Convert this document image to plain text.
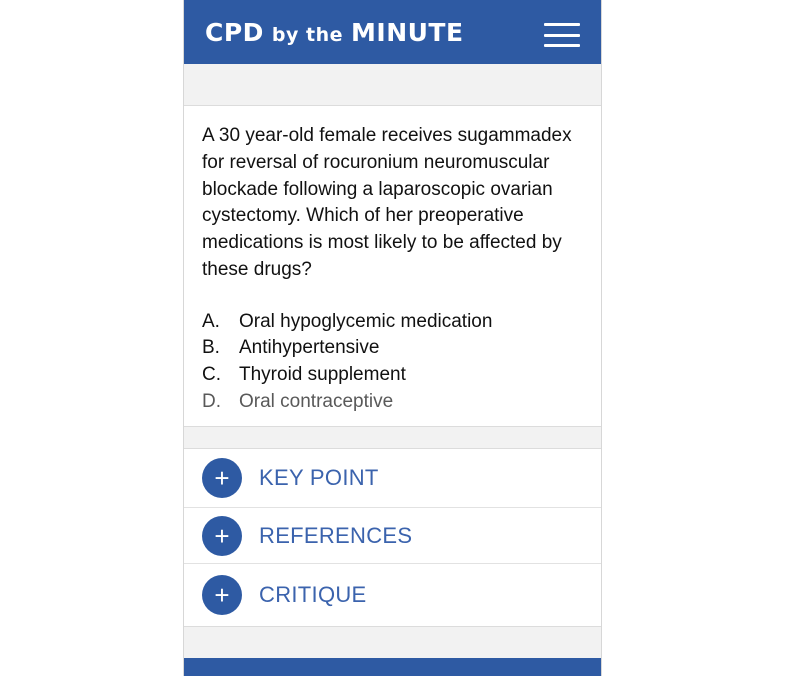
CPD by the MINUTE

A 30 year-old female receives sugammadex for reversal of rocuronium neuromuscular blockade following a laparoscopic ovarian cystectomy. Which of her preoperative medications is most likely to be affected by these drugs?

A.	Oral hypoglycemic medication
B.	Antihypertensive
C. Thyroid supplement
D. Oral contraceptive
+	KEY POINT
+	REFERENCES
+	CRITIQUE
